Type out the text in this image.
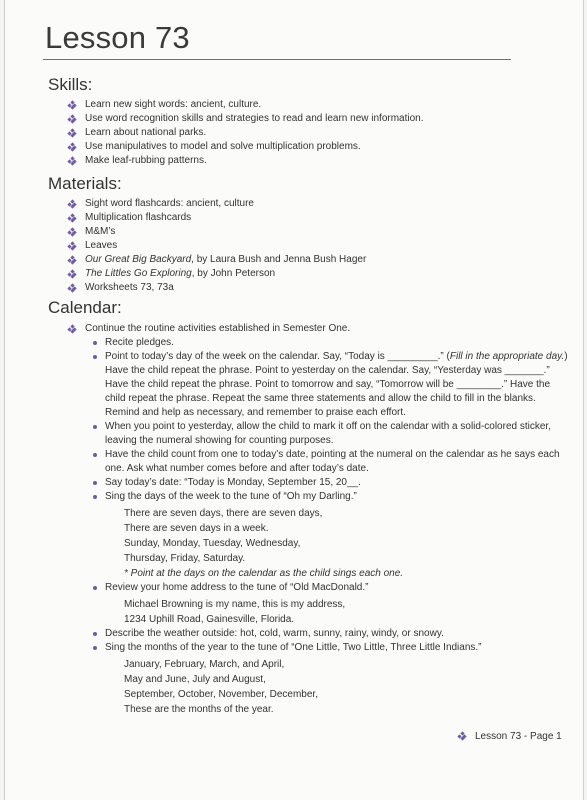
Lesson 73
Skills:
Learn new sight words: ancient, culture.
Use word recognition skills and strategies to read and learn new information.
Learn about national parks.
Use manipulatives to model and solve multiplication problems.
Make leaf-rubbing patterns.
Materials:
Sight word flashcards: ancient, culture
Multiplication flashcards
M&M’s
Leaves
Our Great Big Backyard, by Laura Bush and Jenna Bush Hager
The Littles Go Exploring, by John Peterson
Worksheets 73, 73a
Calendar:
Continue the routine activities established in Semester One.
Recite pledges.
Point to today’s day of the week on the calendar. Say, “Today is _________.” (Fill in the appropriate day.) Have the child repeat the phrase. Point to yesterday on the calendar. Say, “Yesterday was _______.” Have the child repeat the phrase. Point to tomorrow and say, “Tomorrow will be ________.” Have the child repeat the phrase. Repeat the same three statements and allow the child to fill in the blanks. Remind and help as necessary, and remember to praise each effort.
When you point to yesterday, allow the child to mark it off on the calendar with a solid-colored sticker, leaving the numeral showing for counting purposes.
Have the child count from one to today’s date, pointing at the numeral on the calendar as he says each one. Ask what number comes before and after today’s date.
Say today’s date: “Today is Monday, September 15, 20__.
Sing the days of the week to the tune of “Oh my Darling.”
There are seven days, there are seven days,
There are seven days in a week.
Sunday, Monday, Tuesday, Wednesday,
Thursday, Friday, Saturday.
* Point at the days on the calendar as the child sings each one.
Review your home address to the tune of “Old MacDonald.”
Michael Browning is my name, this is my address,
1234 Uphill Road, Gainesville, Florida.
Describe the weather outside: hot, cold, warm, sunny, rainy, windy, or snowy.
Sing the months of the year to the tune of “One Little, Two Little, Three Little Indians.”
January, February, March, and April,
May and June, July and August,
September, October, November, December,
These are the months of the year.
Lesson 73 - Page 1
